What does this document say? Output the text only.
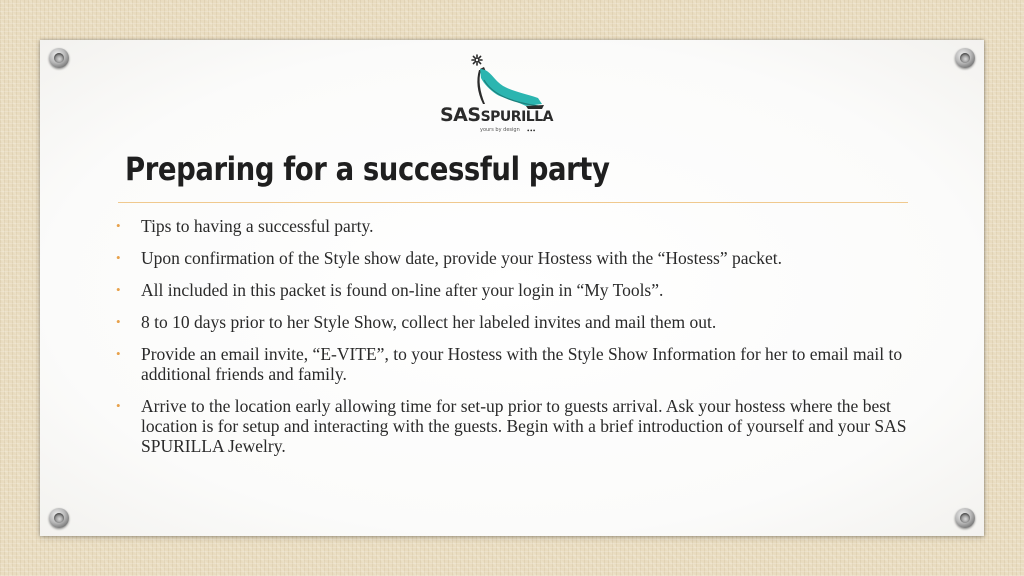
SASSPURILLA
yours by design •••
Preparing for a successful party
• Tips to having a successful party.
• Upon confirmation of the Style show date, provide your Hostess with the “Hostess” packet.
• All included in this packet is found on-line after your login in “My Tools”.
• 8 to 10 days prior to her Style Show, collect her labeled invites and mail them out.
• Provide an email invite, “E-VITE”, to your Hostess with the Style Show Information for her to email mail to additional friends and family.
• Arrive to the location early allowing time for set-up prior to guests arrival. Ask your hostess where the best location is for setup and interacting with the guests. Begin with a brief introduction of yourself and your SAS SPURILLA Jewelry.
